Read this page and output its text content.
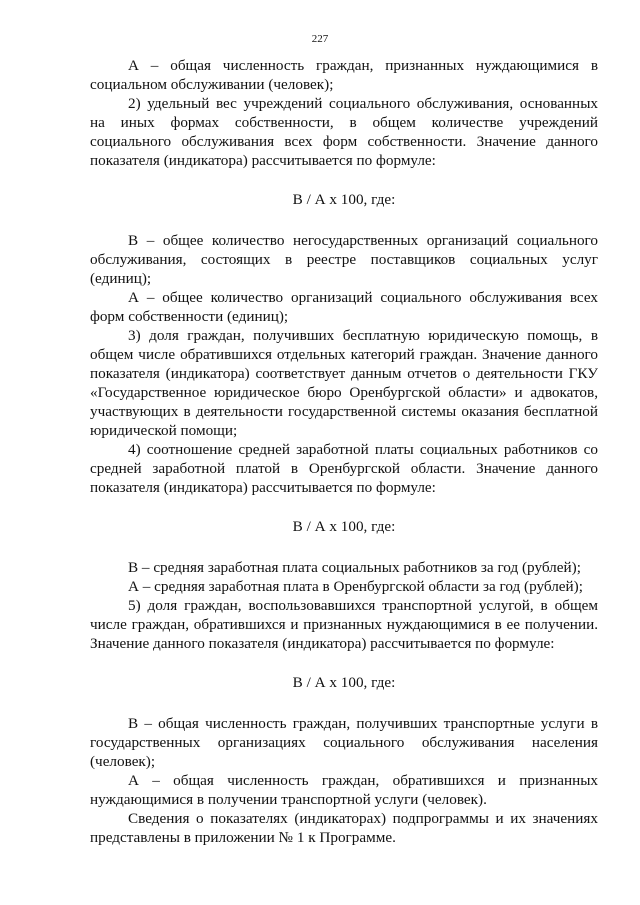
227

А – общая численность граждан, признанных нуждающимися в социальном обслуживании (человек);

2) удельный вес учреждений социального обслуживания, основанных на иных формах собственности, в общем количестве учреждений социального обслуживания всех форм собственности. Значение данного показателя (индикатора) рассчитывается по формуле:

В / А х 100, где:

В – общее количество негосударственных организаций социального обслуживания, состоящих в реестре поставщиков социальных услуг (единиц);

А – общее количество организаций социального обслуживания всех форм собственности (единиц);

3) доля граждан, получивших бесплатную юридическую помощь, в общем числе обратившихся отдельных категорий граждан. Значение данного показателя (индикатора) соответствует данным отчетов о деятельности ГКУ «Государственное юридическое бюро Оренбургской области» и адвокатов, участвующих в деятельности государственной системы оказания бесплатной юридической помощи;

4) соотношение средней заработной платы социальных работников со средней заработной платой в Оренбургской области. Значение данного показателя (индикатора) рассчитывается по формуле:

В / А х 100, где:

В – средняя заработная плата социальных работников за год (рублей);

А – средняя заработная плата в Оренбургской области за год (рублей);

5) доля граждан, воспользовавшихся транспортной услугой, в общем числе граждан, обратившихся и признанных нуждающимися в ее получении. Значение данного показателя (индикатора) рассчитывается по формуле:

В / А х 100, где:

В – общая численность граждан, получивших транспортные услуги в государственных организациях социального обслуживания населения (человек);

А – общая численность граждан, обратившихся и признанных нуждающимися в получении транспортной услуги (человек).

Сведения о показателях (индикаторах) подпрограммы и их значениях представлены в приложении № 1 к Программе.
